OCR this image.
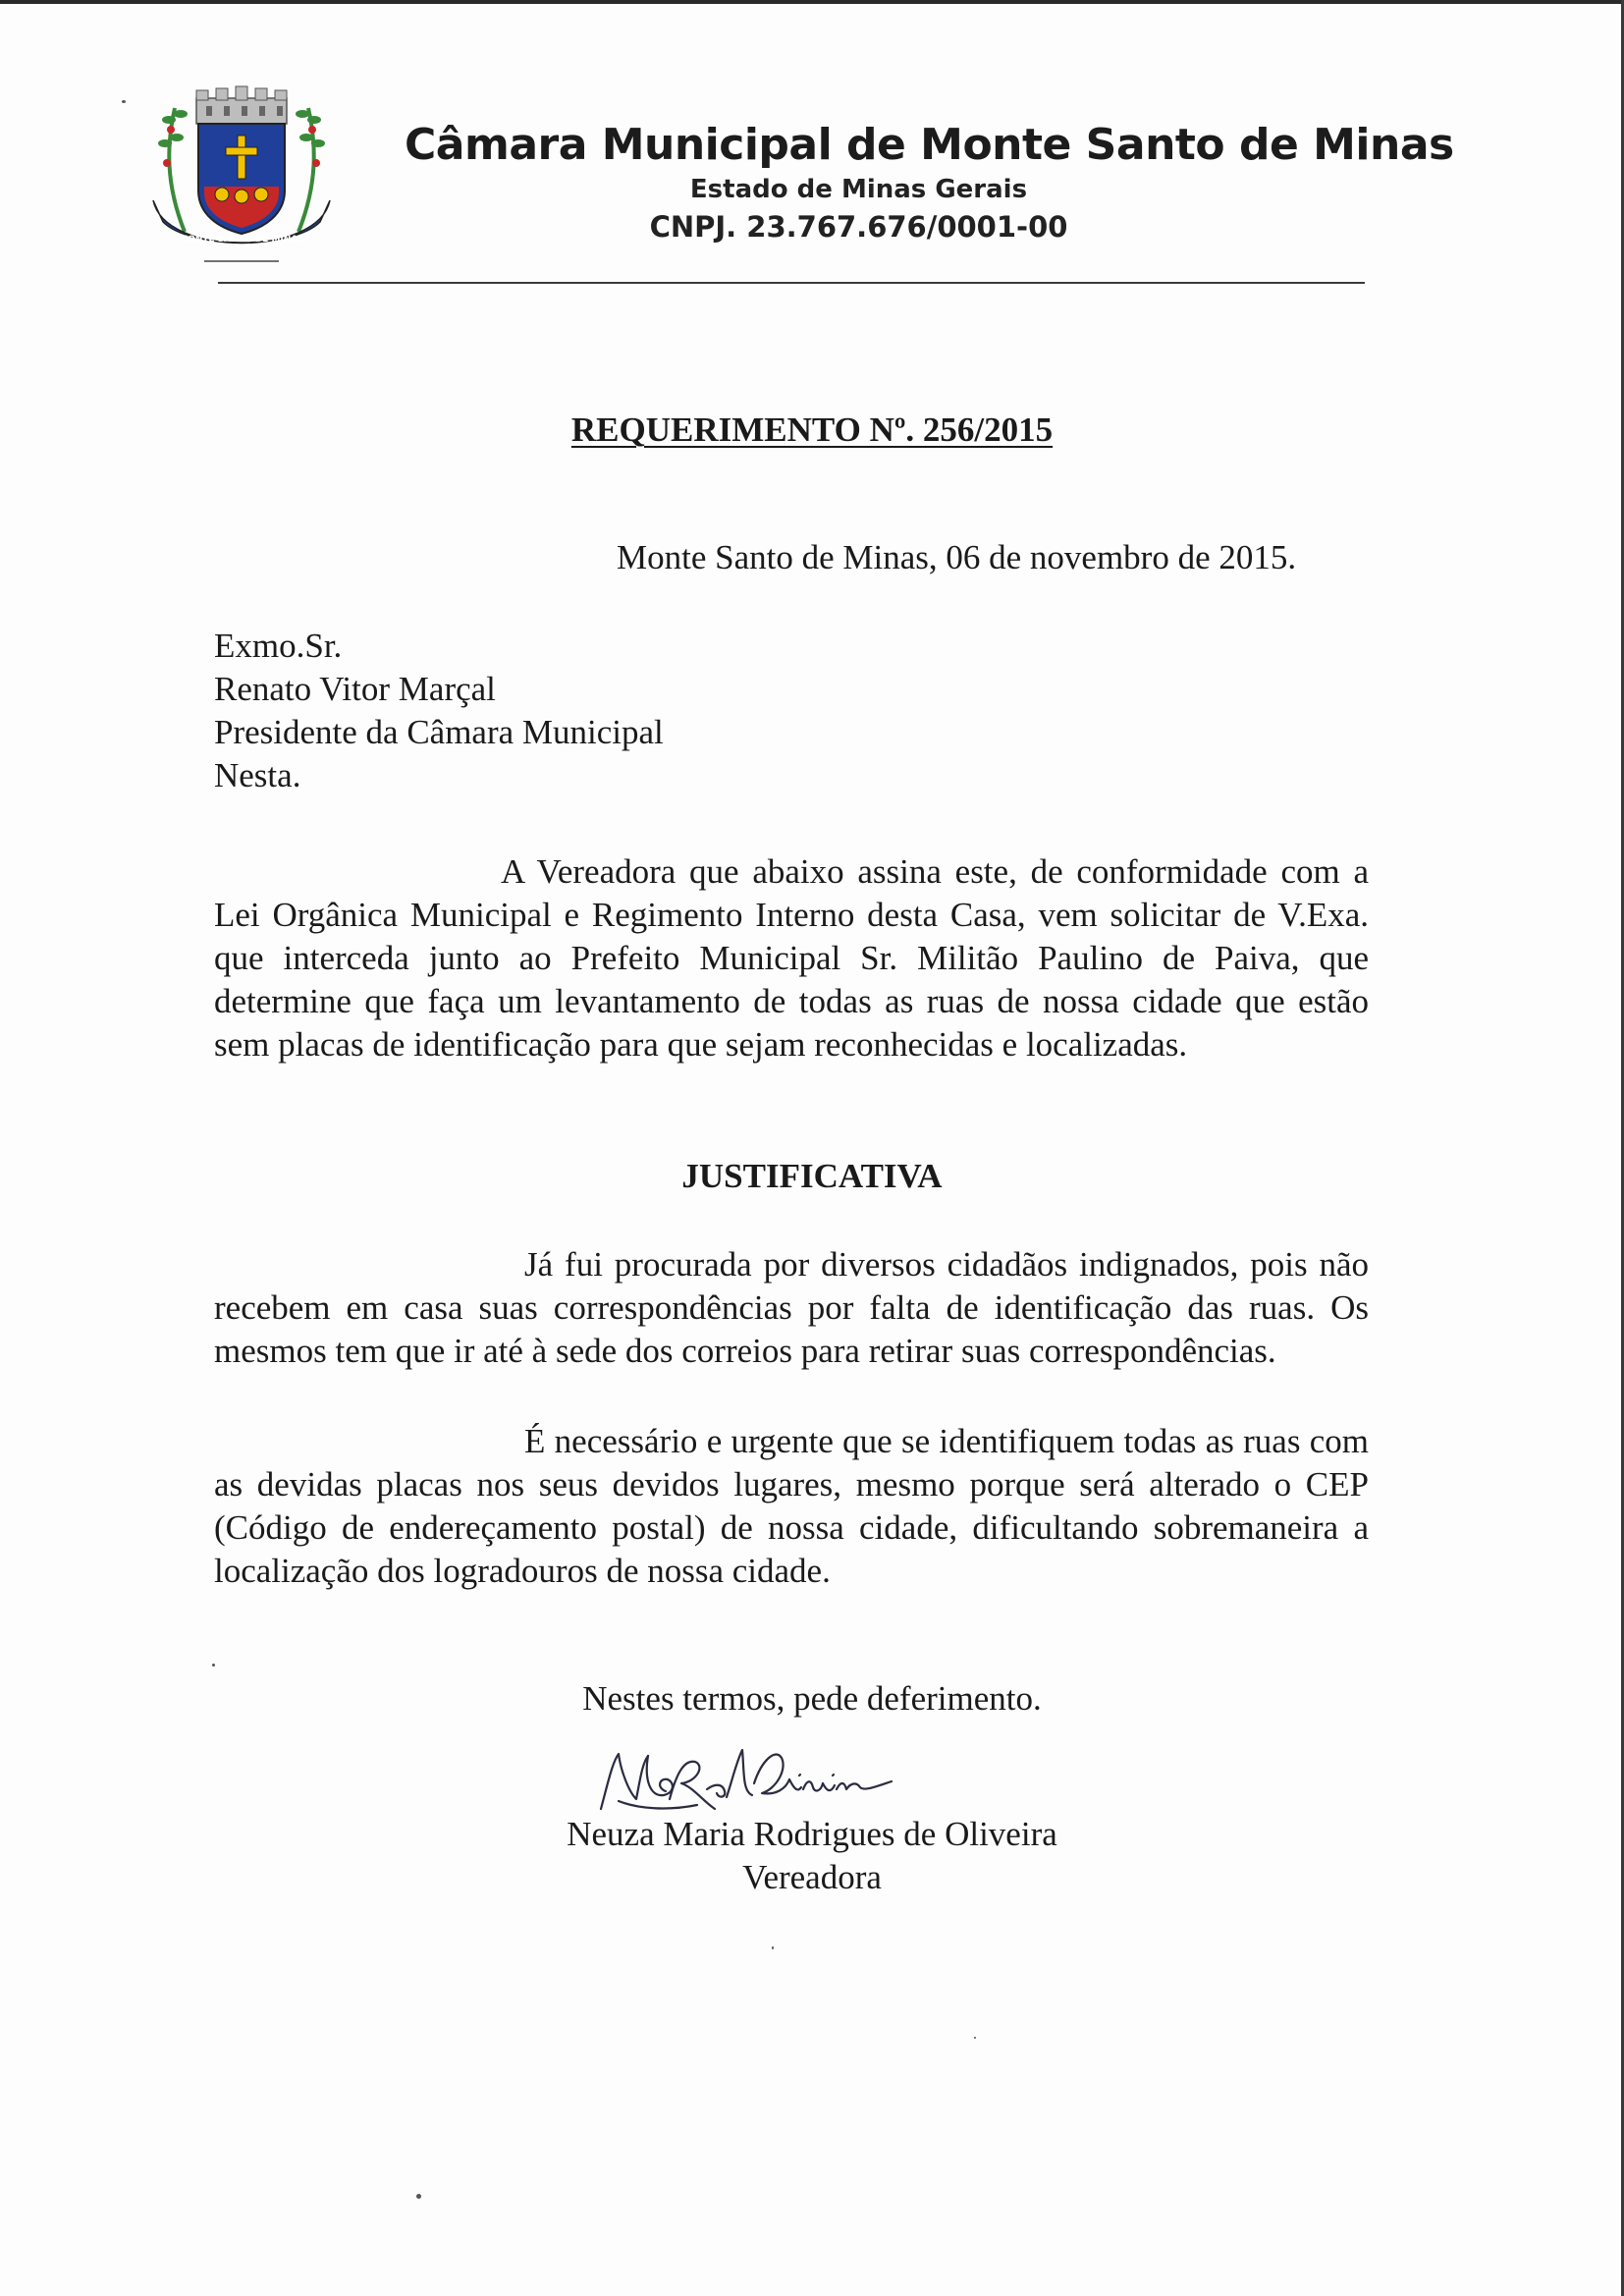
MONTE SANTO DE MINAS
Câmara Municipal de Monte Santo de Minas
Estado de Minas Gerais
CNPJ. 23.767.676/0001-00
REQUERIMENTO Nº. 256/2015
Monte Santo de Minas, 06 de novembro de 2015.
Exmo.Sr.
Renato Vitor Marçal
Presidente da Câmara Municipal
Nesta.
A Vereadora que abaixo assina este, de conformidade com a Lei Orgânica Municipal e Regimento Interno desta Casa, vem solicitar de V.Exa. que interceda junto ao Prefeito Municipal Sr. Militão Paulino de Paiva, que determine que faça um levantamento de todas as ruas de nossa cidade que estão sem placas de identificação para que sejam reconhecidas e localizadas.
JUSTIFICATIVA
Já fui procurada por diversos cidadãos indignados, pois não recebem em casa suas correspondências por falta de identificação das ruas. Os mesmos tem que ir até à sede dos correios para retirar suas correspondências.
É necessário e urgente que se identifiquem todas as ruas com as devidas placas nos seus devidos lugares, mesmo porque será alterado o CEP (Código de endereçamento postal) de nossa cidade, dificultando sobremaneira a localização dos logradouros de nossa cidade.
Nestes termos, pede deferimento.
Neuza Maria Rodrigues de Oliveira
Vereadora
